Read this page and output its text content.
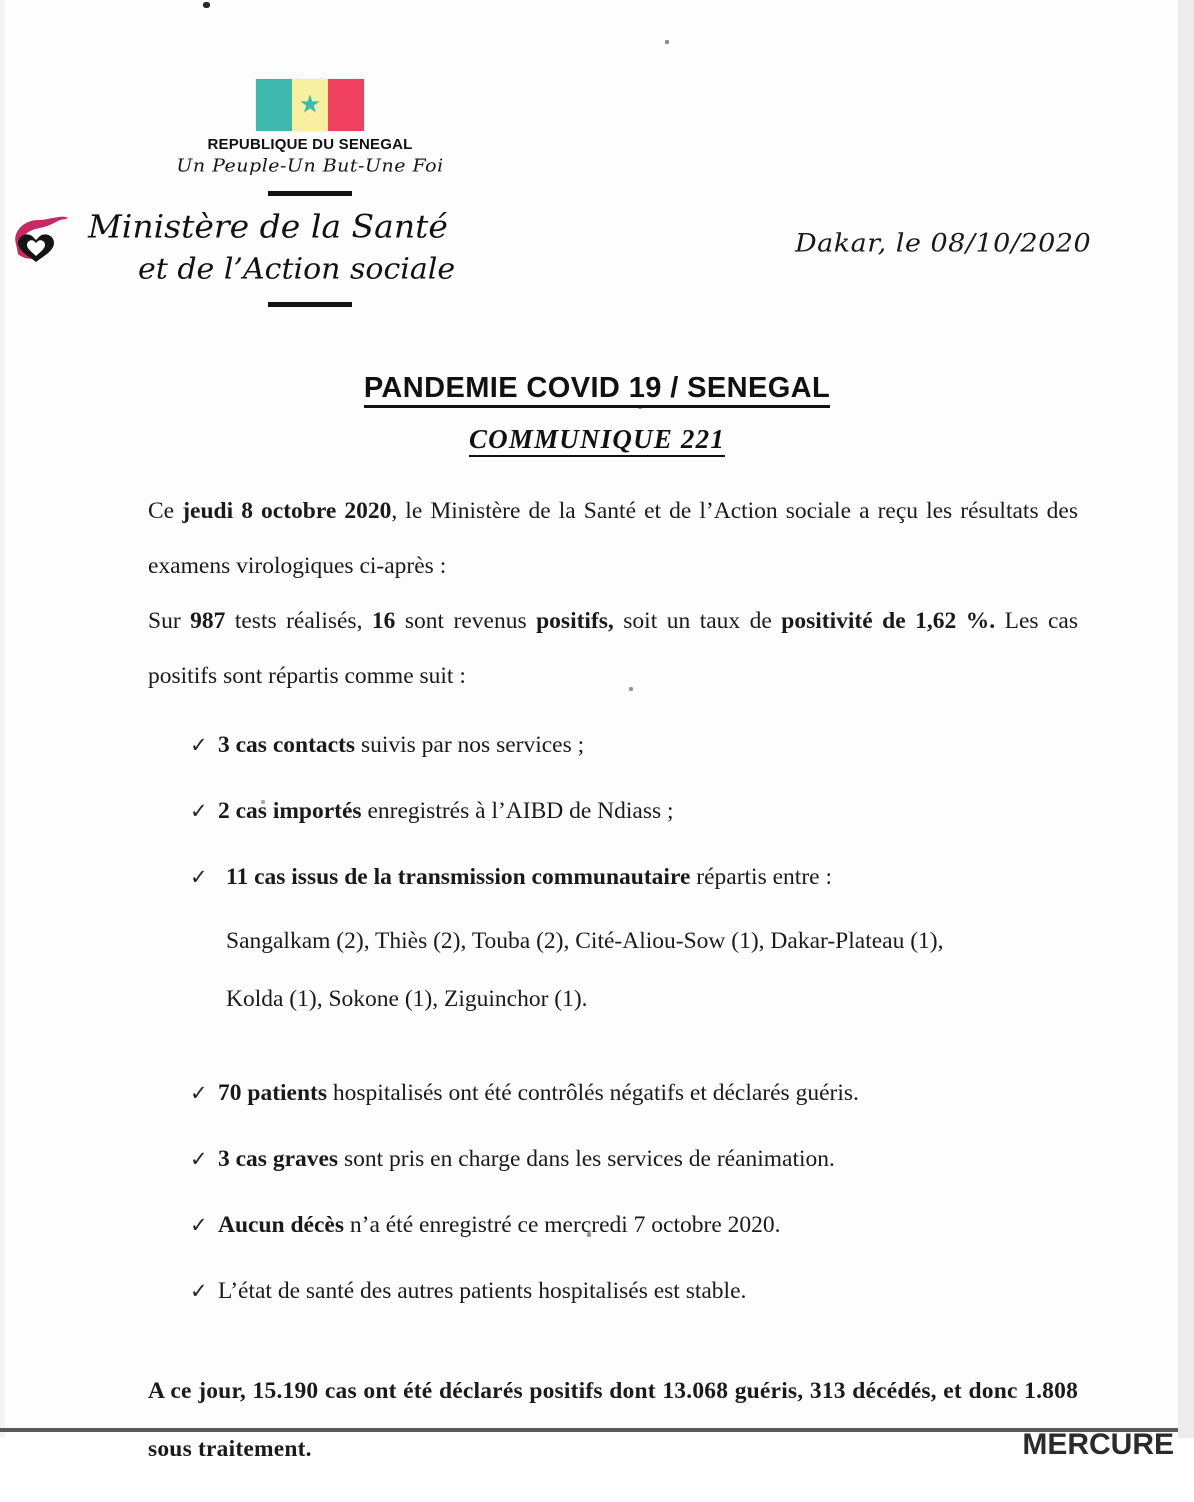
★
REPUBLIQUE DU SENEGAL
Un Peuple-Un But-Une Foi
Ministère de la Santé
et de l’Action sociale
Dakar, le 08/10/2020
PANDEMIE COVID 19 / SENEGAL
COMMUNIQUE 221

Ce jeudi 8 octobre 2020, le Ministère de la Santé et de l’Action sociale a reçu les résultats des examens virologiques ci-après :

Sur 987 tests réalisés, 16 sont revenus positifs, soit un taux de positivité de 1,62 %. Les cas positifs sont répartis comme suit :

✓ 3 cas contacts suivis par nos services ;
✓ 2 cas importés enregistrés à l’AIBD de Ndiass ;
✓ 11 cas issus de la transmission communautaire répartis entre :
Sangalkam (2), Thiès (2), Touba (2), Cité-Aliou-Sow (1), Dakar-Plateau (1),
Kolda (1), Sokone (1), Ziguinchor (1).
✓ 70 patients hospitalisés ont été contrôlés négatifs et déclarés guéris.
✓ 3 cas graves sont pris en charge dans les services de réanimation.
✓ Aucun décès n’a été enregistré ce mercredi 7 octobre 2020.
✓ L’état de santé des autres patients hospitalisés est stable.

A ce jour, 15.190 cas ont été déclarés positifs dont 13.068 guéris, 313 décédés, et donc 1.808 sous traitement.	MERCURE
